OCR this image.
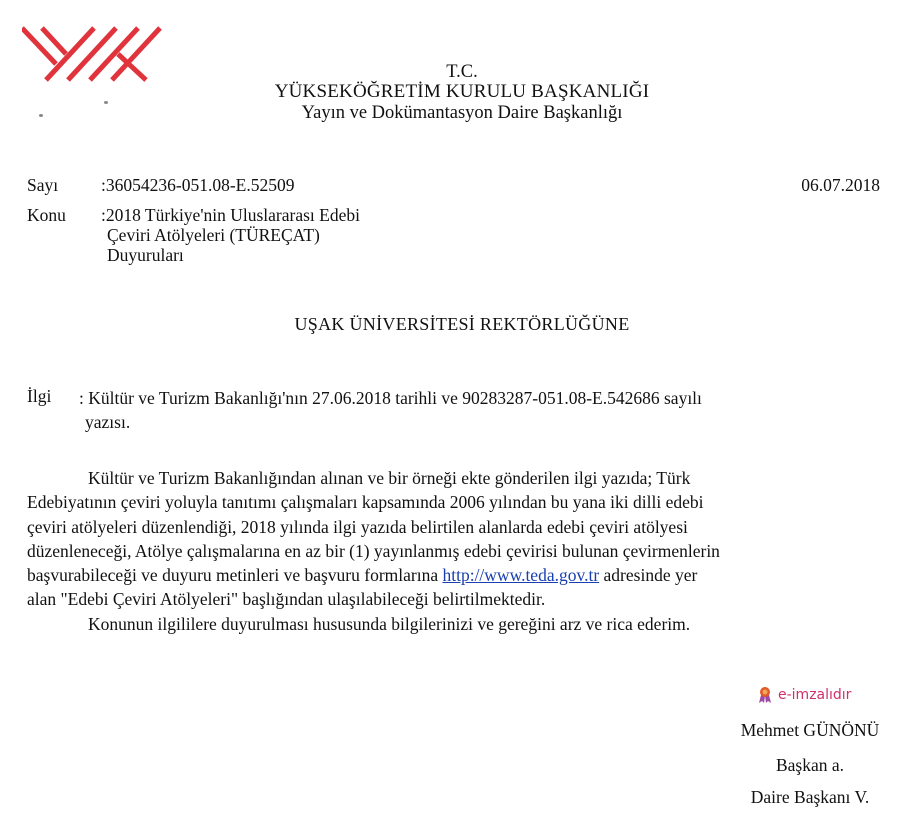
T.C.
YÜKSEKÖĞRETİM KURULU BAŞKANLIĞI
Yayın ve Dokümantasyon Daire Başkanlığı
Sayı :36054236-051.08-E.52509
Konu :2018 Türkiye'nin Uluslararası Edebi
Çeviri Atölyeleri (TÜREÇAT)
Duyuruları
06.07.2018
UŞAK ÜNİVERSİTESİ REKTÖRLÜĞÜNE
İlgi : Kültür ve Turizm Bakanlığı'nın 27.06.2018 tarihli ve 90283287-051.08-E.542686 sayılı
yazısı.
Kültür ve Turizm Bakanlığından alınan ve bir örneği ekte gönderilen ilgi yazıda; Türk
Edebiyatının çeviri yoluyla tanıtımı çalışmaları kapsamında 2006 yılından bu yana iki dilli edebi
çeviri atölyeleri düzenlendiği, 2018 yılında ilgi yazıda belirtilen alanlarda edebi çeviri atölyesi
düzenleneceği, Atölye çalışmalarına en az bir (1) yayınlanmış edebi çevirisi bulunan çevirmenlerin
başvurabileceği ve duyuru metinleri ve başvuru formlarına http://www.teda.gov.tr adresinde yer
alan "Edebi Çeviri Atölyeleri" başlığından ulaşılabileceği belirtilmektedir.
Konunun ilgililere duyurulması hususunda bilgilerinizi ve gereğini arz ve rica ederim.
e-imzalıdır
Mehmet GÜNÖNÜ
Başkan a.
Daire Başkanı V.
